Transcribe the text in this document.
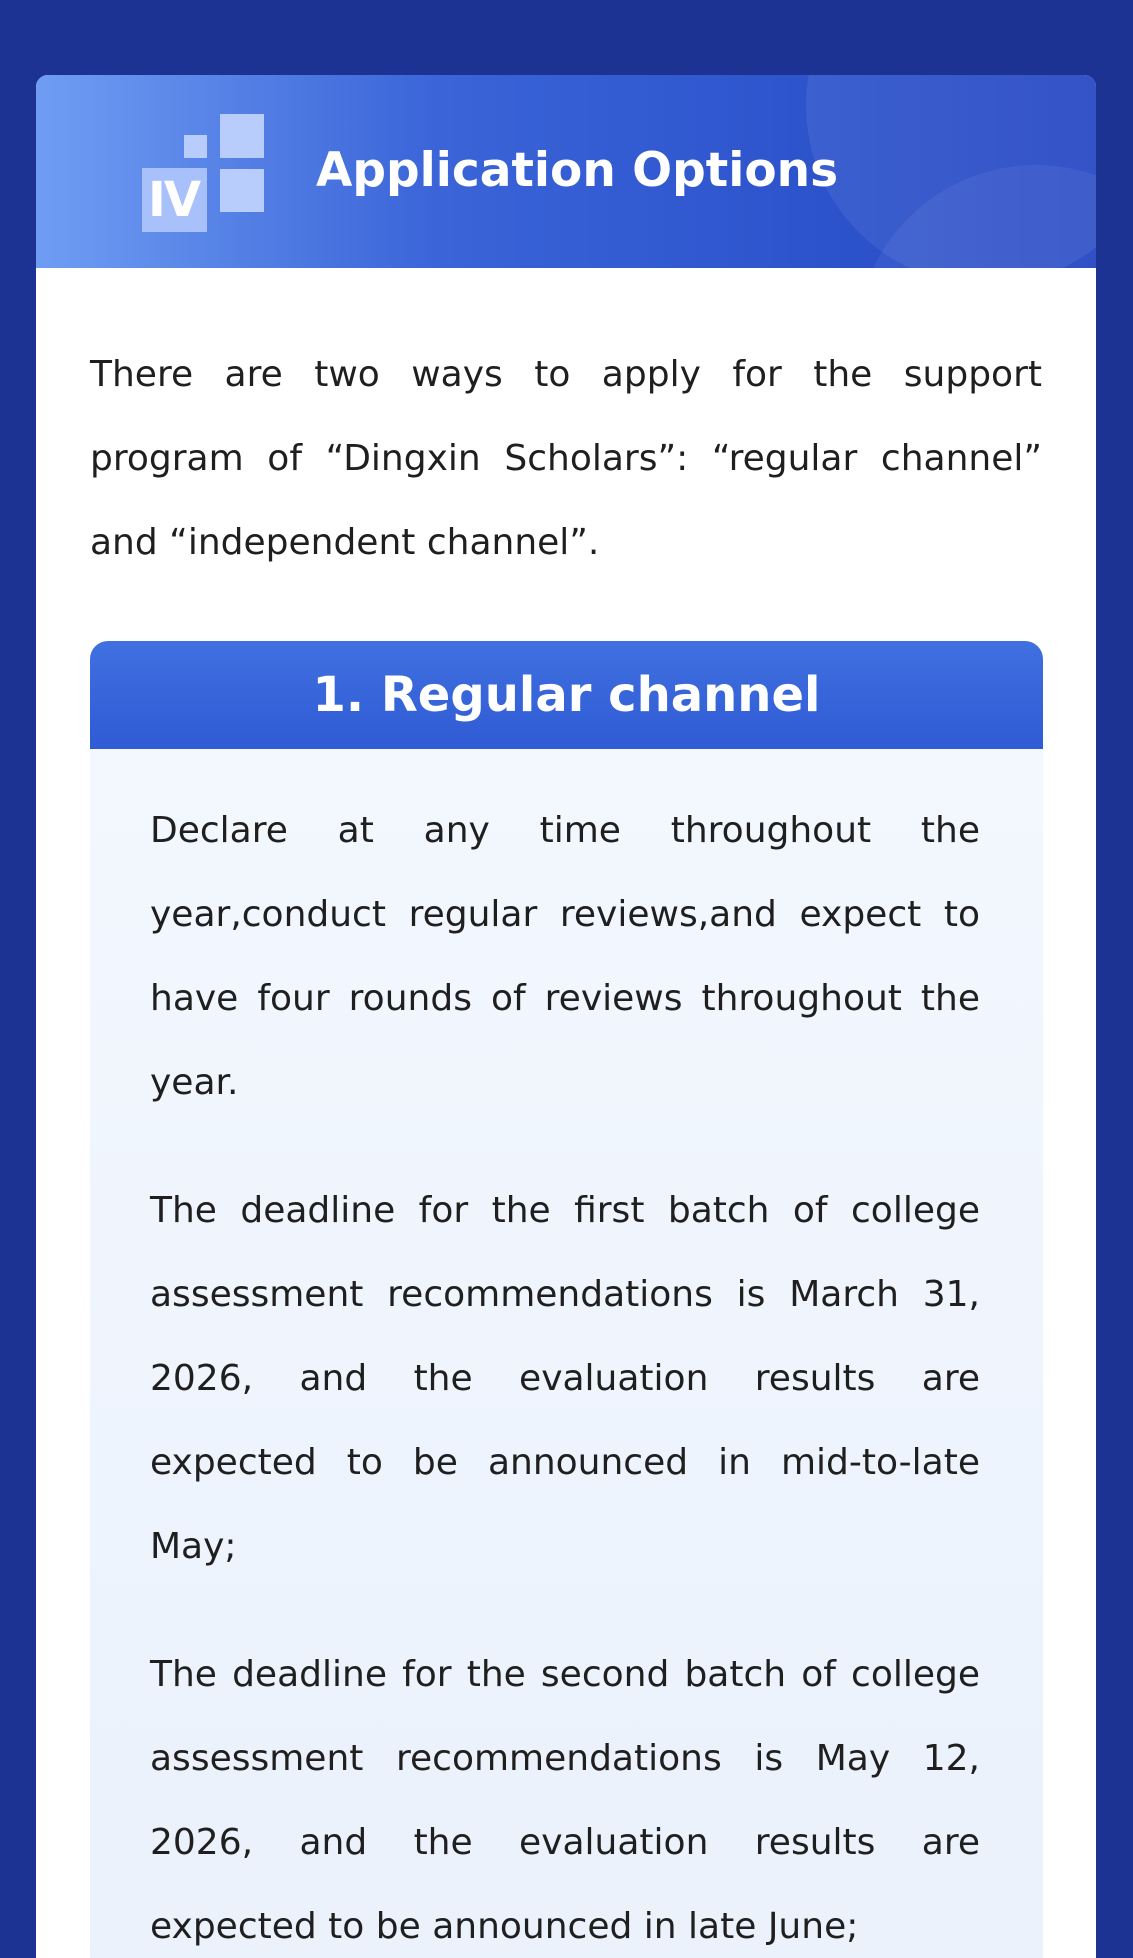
IV
Application Options

There are two ways to apply for the support program of “Dingxin Scholars”: “regular channel” and “independent channel”.

1. Regular channel

Declare at any time throughout the year,conduct regular reviews,and expect to have four rounds of reviews throughout the year.

The deadline for the first batch of college assessment recommendations is March 31, 2026, and the evaluation results are expected to be announced in mid-to-late May;

The deadline for the second batch of college assessment recommendations is May 12, 2026, and the evaluation results are expected to be announced in late June;
